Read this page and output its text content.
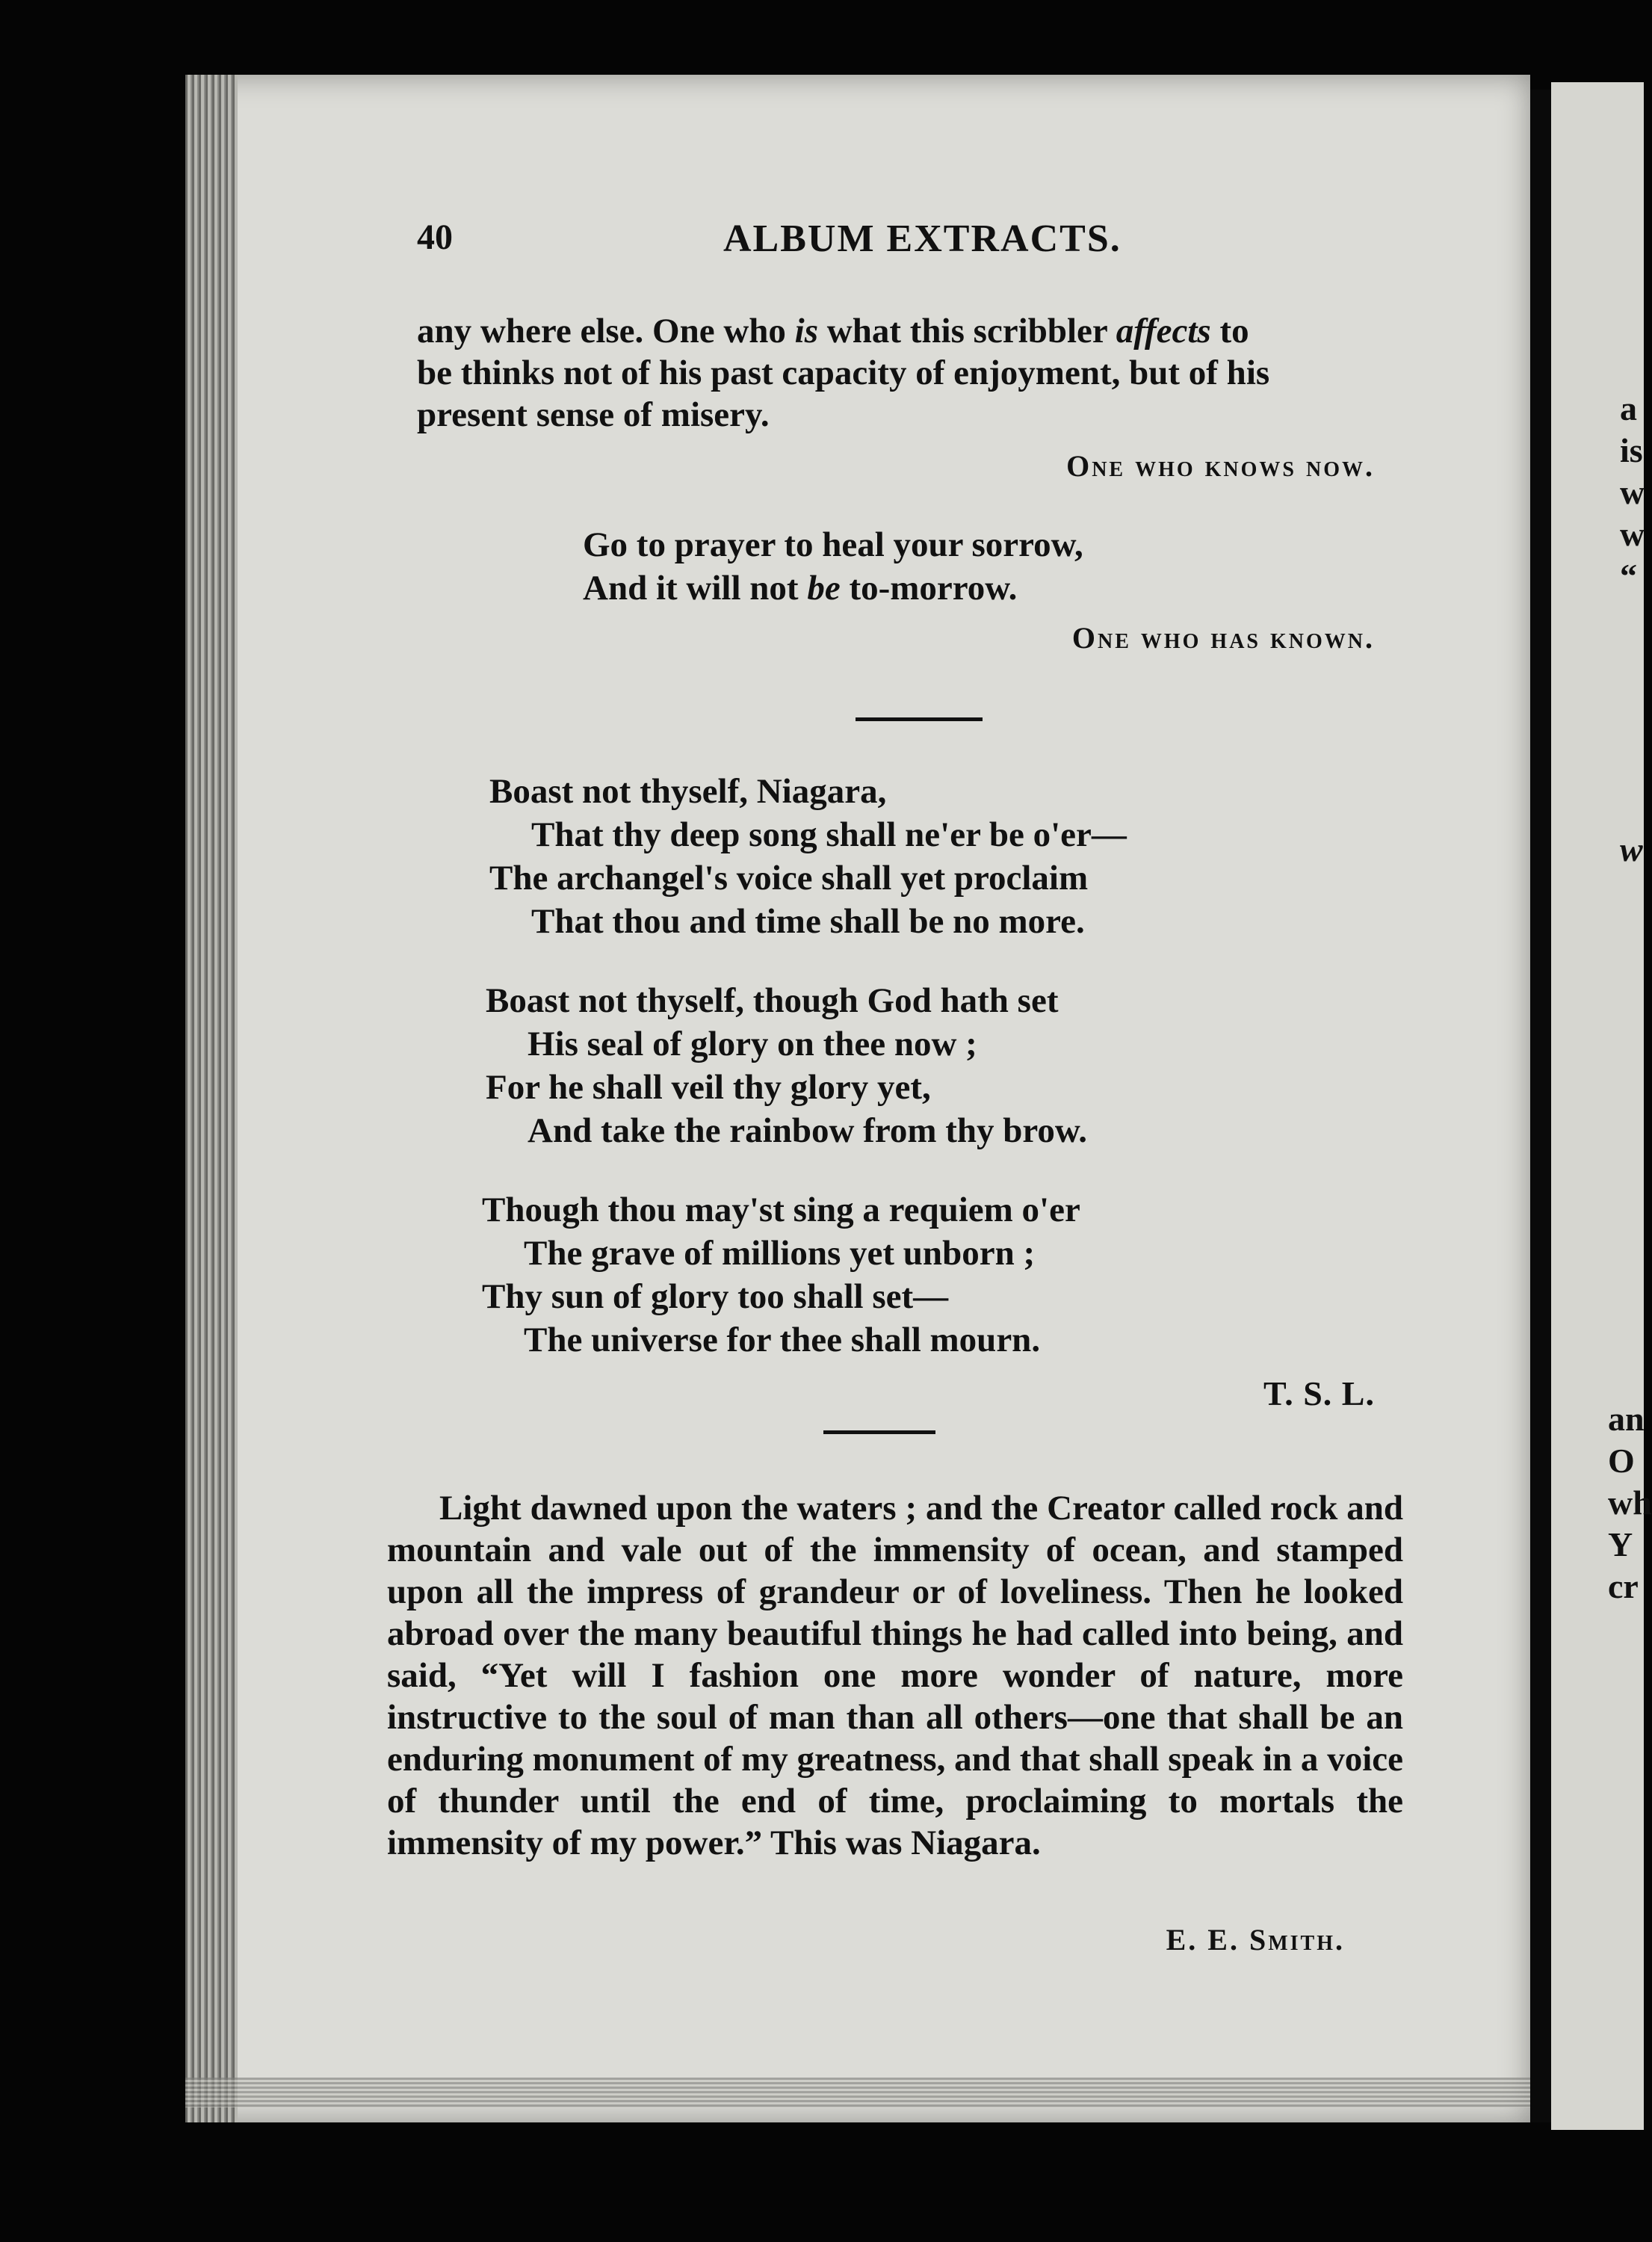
a
is
w
w
“
w
an
O
wh
Y
cr
40	ALBUM EXTRACTS.
any where else. One who is what this scribbler affects to
be thinks not of his past capacity of enjoyment, but of his
present sense of misery.
One who knows now.
Go to prayer to heal your sorrow,
And it will not be to-morrow.
One who has known.
Boast not thyself, Niagara,
That thy deep song shall ne'er be o'er—
The archangel's voice shall yet proclaim
That thou and time shall be no more.
Boast not thyself, though God hath set
His seal of glory on thee now ;
For he shall veil thy glory yet,
And take the rainbow from thy brow.
Though thou may'st sing a requiem o'er
The grave of millions yet unborn ;
Thy sun of glory too shall set—
The universe for thee shall mourn.
T. S. L.
Light dawned upon the waters ; and the Creator called rock and mountain and vale out of the immensity of ocean, and stamped upon all the impress of grandeur or of loveliness. Then he looked abroad over the many beautiful things he had called into being, and said, “Yet will I fashion one more wonder of nature, more instructive to the soul of man than all others—one that shall be an enduring monument of my greatness, and that shall speak in a voice of thunder until the end of time, proclaiming to mortals the immensity of my power.” This was Niagara.
E. E. Smith.
